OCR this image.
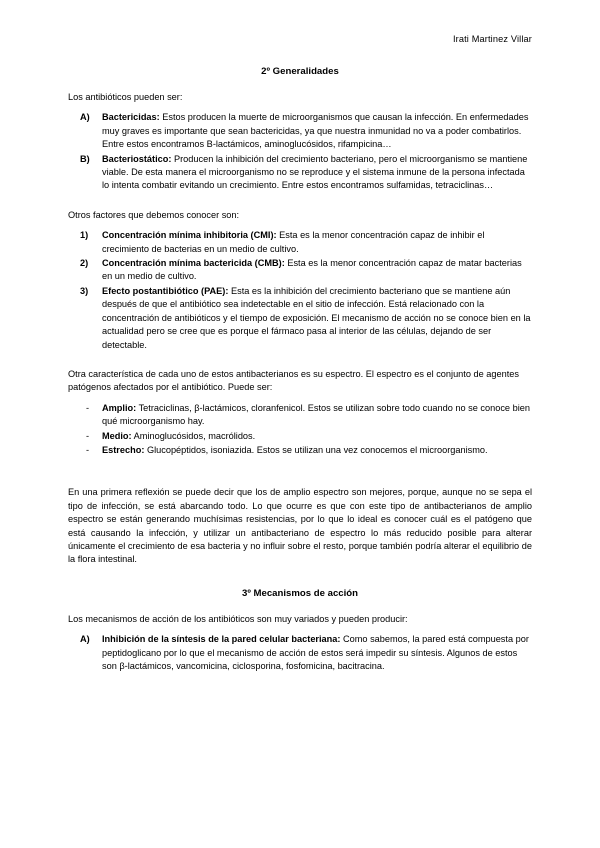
Irati Martinez Villar
2º Generalidades

Los antibióticos pueden ser:

A)	Bactericidas: Estos producen la muerte de microorganismos que causan la infección. En enfermedades muy graves es importante que sean bactericidas, ya que nuestra inmunidad no va a poder combatirlos. Entre estos encontramos B-lactámicos, aminoglucósidos, rifampicina…
B)	Bacteriostático: Producen la inhibición del crecimiento bacteriano, pero el microorganismo se mantiene viable. De esta manera el microorganismo no se reproduce y el sistema inmune de la persona infectada lo intenta combatir evitando un crecimiento. Entre estos encontramos sulfamidas, tetraciclinas…

Otros factores que debemos conocer son:

1)	Concentración mínima inhibitoria (CMI): Esta es la menor concentración capaz de inhibir el crecimiento de bacterias en un medio de cultivo.
2)	Concentración mínima bactericida (CMB): Esta es la menor concentración capaz de matar bacterias en un medio de cultivo.
3)	Efecto postantibiótico (PAE): Esta es la inhibición del crecimiento bacteriano que se mantiene aún después de que el antibiótico sea indetectable en el sitio de infección. Está relacionado con la concentración de antibióticos y el tiempo de exposición. El mecanismo de acción no se conoce bien en la actualidad pero se cree que es porque el fármaco pasa al interior de las células, dejando de ser detectable.

Otra característica de cada uno de estos antibacterianos es su espectro. El espectro es el conjunto de agentes patógenos afectados por el antibiótico. Puede ser:

-	Amplio: Tetraciclinas, β-lactámicos, cloranfenicol. Estos se utilizan sobre todo cuando no se conoce bien qué microorganismo hay.
-	Medio: Aminoglucósidos, macrólidos.
-	Estrecho: Glucopéptidos, isoniazida. Estos se utilizan una vez conocemos el microorganismo.

En una primera reflexión se puede decir que los de amplio espectro son mejores, porque, aunque no se sepa el tipo de infección, se está abarcando todo. Lo que ocurre es que con este tipo de antibacterianos de amplio espectro se están generando muchísimas resistencias, por lo que lo ideal es conocer cuál es el patógeno que está causando la infección, y utilizar un antibacteriano de espectro lo más reducido posible para alterar únicamente el crecimiento de esa bacteria y no influir sobre el resto, porque también podría alterar el equilibrio de la flora intestinal.

3º Mecanismos de acción

Los mecanismos de acción de los antibióticos son muy variados y pueden producir:

A)	Inhibición de la síntesis de la pared celular bacteriana: Como sabemos, la pared está compuesta por peptidoglicano por lo que el mecanismo de acción de estos será impedir su síntesis. Algunos de estos son β-lactámicos, vancomicina, ciclosporina, fosfomicina, bacitracina.
